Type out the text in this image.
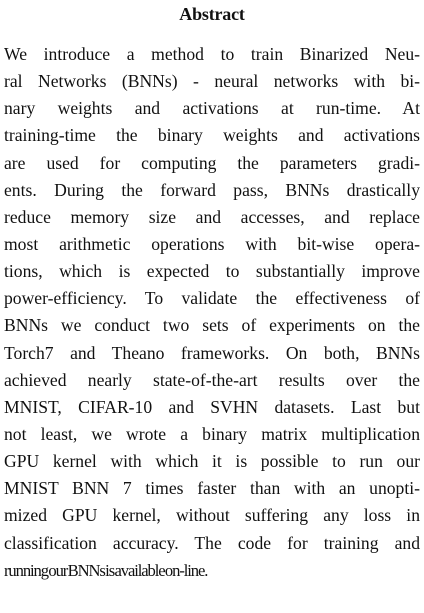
Abstract
We introduce a method to train Binarized Neu-
ral Networks (BNNs) - neural networks with bi-
nary weights and activations at run-time. At
training-time the binary weights and activations
are used for computing the parameters gradi-
ents. During the forward pass, BNNs drastically
reduce memory size and accesses, and replace
most arithmetic operations with bit-wise opera-
tions, which is expected to substantially improve
power-efficiency. To validate the effectiveness of
BNNs we conduct two sets of experiments on the
Torch7 and Theano frameworks. On both, BNNs
achieved nearly state-of-the-art results over the
MNIST, CIFAR-10 and SVHN datasets. Last but
not least, we wrote a binary matrix multiplication
GPU kernel with which it is possible to run our
MNIST BNN 7 times faster than with an unopti-
mized GPU kernel, without suffering any loss in
classification accuracy. The code for training and
running our BNNs is available on-line.
